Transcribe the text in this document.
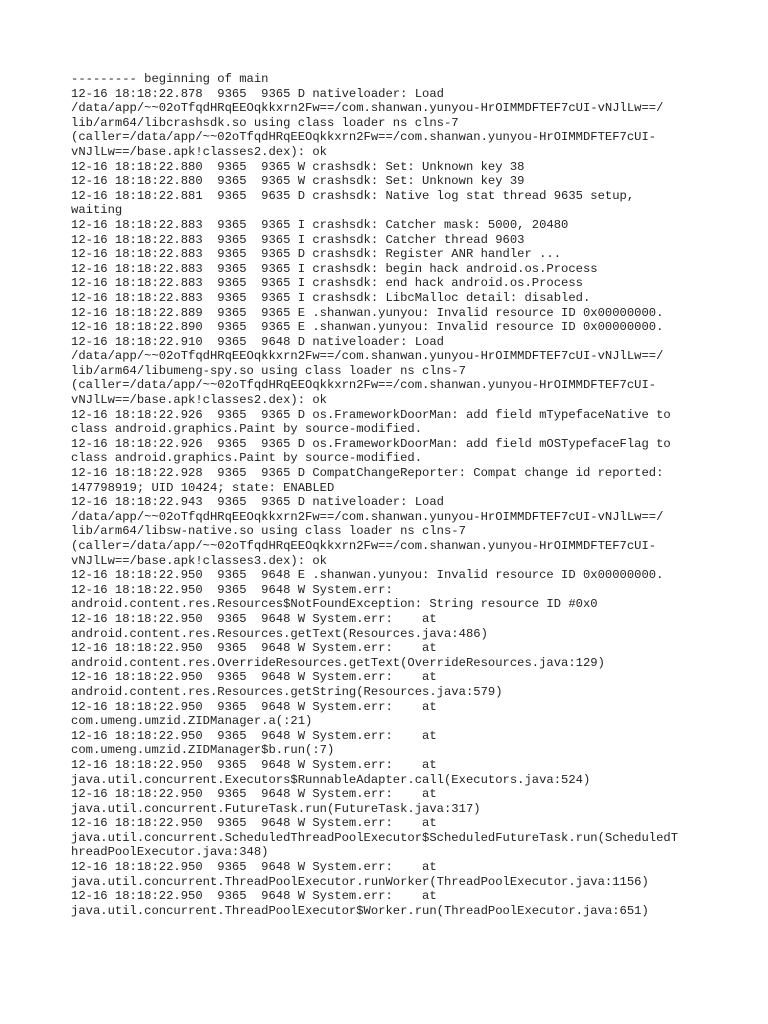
--------- beginning of main
12-16 18:18:22.878  9365  9365 D nativeloader: Load
/data/app/~~02oTfqdHRqEEOqkkxrn2Fw==/com.shanwan.yunyou-HrOIMMDFTEF7cUI-vNJlLw==/
lib/arm64/libcrashsdk.so using class loader ns clns-7
(caller=/data/app/~~02oTfqdHRqEEOqkkxrn2Fw==/com.shanwan.yunyou-HrOIMMDFTEF7cUI-
vNJlLw==/base.apk!classes2.dex): ok
12-16 18:18:22.880  9365  9365 W crashsdk: Set: Unknown key 38
12-16 18:18:22.880  9365  9365 W crashsdk: Set: Unknown key 39
12-16 18:18:22.881  9365  9635 D crashsdk: Native log stat thread 9635 setup,
waiting
12-16 18:18:22.883  9365  9365 I crashsdk: Catcher mask: 5000, 20480
12-16 18:18:22.883  9365  9365 I crashsdk: Catcher thread 9603
12-16 18:18:22.883  9365  9365 D crashsdk: Register ANR handler ...
12-16 18:18:22.883  9365  9365 I crashsdk: begin hack android.os.Process
12-16 18:18:22.883  9365  9365 I crashsdk: end hack android.os.Process
12-16 18:18:22.883  9365  9365 I crashsdk: LibcMalloc detail: disabled.
12-16 18:18:22.889  9365  9365 E .shanwan.yunyou: Invalid resource ID 0x00000000.
12-16 18:18:22.890  9365  9365 E .shanwan.yunyou: Invalid resource ID 0x00000000.
12-16 18:18:22.910  9365  9648 D nativeloader: Load
/data/app/~~02oTfqdHRqEEOqkkxrn2Fw==/com.shanwan.yunyou-HrOIMMDFTEF7cUI-vNJlLw==/
lib/arm64/libumeng-spy.so using class loader ns clns-7
(caller=/data/app/~~02oTfqdHRqEEOqkkxrn2Fw==/com.shanwan.yunyou-HrOIMMDFTEF7cUI-
vNJlLw==/base.apk!classes2.dex): ok
12-16 18:18:22.926  9365  9365 D os.FrameworkDoorMan: add field mTypefaceNative to
class android.graphics.Paint by source-modified.
12-16 18:18:22.926  9365  9365 D os.FrameworkDoorMan: add field mOSTypefaceFlag to
class android.graphics.Paint by source-modified.
12-16 18:18:22.928  9365  9365 D CompatChangeReporter: Compat change id reported:
147798919; UID 10424; state: ENABLED
12-16 18:18:22.943  9365  9365 D nativeloader: Load
/data/app/~~02oTfqdHRqEEOqkkxrn2Fw==/com.shanwan.yunyou-HrOIMMDFTEF7cUI-vNJlLw==/
lib/arm64/libsw-native.so using class loader ns clns-7
(caller=/data/app/~~02oTfqdHRqEEOqkkxrn2Fw==/com.shanwan.yunyou-HrOIMMDFTEF7cUI-
vNJlLw==/base.apk!classes3.dex): ok
12-16 18:18:22.950  9365  9648 E .shanwan.yunyou: Invalid resource ID 0x00000000.
12-16 18:18:22.950  9365  9648 W System.err:
android.content.res.Resources$NotFoundException: String resource ID #0x0
12-16 18:18:22.950  9365  9648 W System.err:    at
android.content.res.Resources.getText(Resources.java:486)
12-16 18:18:22.950  9365  9648 W System.err:    at
android.content.res.OverrideResources.getText(OverrideResources.java:129)
12-16 18:18:22.950  9365  9648 W System.err:    at
android.content.res.Resources.getString(Resources.java:579)
12-16 18:18:22.950  9365  9648 W System.err:    at
com.umeng.umzid.ZIDManager.a(:21)
12-16 18:18:22.950  9365  9648 W System.err:    at
com.umeng.umzid.ZIDManager$b.run(:7)
12-16 18:18:22.950  9365  9648 W System.err:    at
java.util.concurrent.Executors$RunnableAdapter.call(Executors.java:524)
12-16 18:18:22.950  9365  9648 W System.err:    at
java.util.concurrent.FutureTask.run(FutureTask.java:317)
12-16 18:18:22.950  9365  9648 W System.err:    at
java.util.concurrent.ScheduledThreadPoolExecutor$ScheduledFutureTask.run(ScheduledT
hreadPoolExecutor.java:348)
12-16 18:18:22.950  9365  9648 W System.err:    at
java.util.concurrent.ThreadPoolExecutor.runWorker(ThreadPoolExecutor.java:1156)
12-16 18:18:22.950  9365  9648 W System.err:    at
java.util.concurrent.ThreadPoolExecutor$Worker.run(ThreadPoolExecutor.java:651)
